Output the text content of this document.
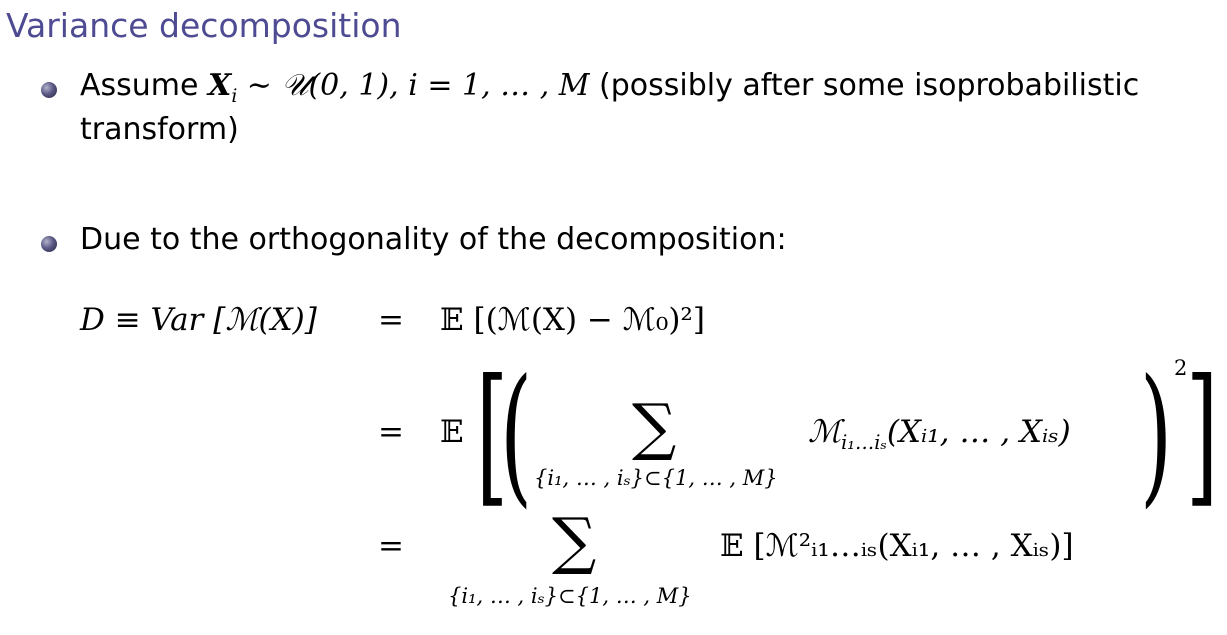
Variance decomposition
Assume $X_i$ ∼ 𝒰(0, 1), i = 1, … , M (possibly after some isoprobabilistic
transform)
Due to the orthogonality of the decomposition:
D ≡ Var [ℳ(X)] = 𝔼 [(ℳ(X) − ℳ₀)²]
= 𝔼 [
( ∑
{i₁, … , iₛ}⊂{1, … , M}
ℳ$_{i_1\dots i_s}$(Xᵢ₁, … , Xᵢₛ) ) 2
]
= ∑
{i₁, … , iₛ}⊂{1, … , M}
𝔼 [ℳ²ᵢ₁…ᵢₛ(Xᵢ₁, … , Xᵢₛ)]
